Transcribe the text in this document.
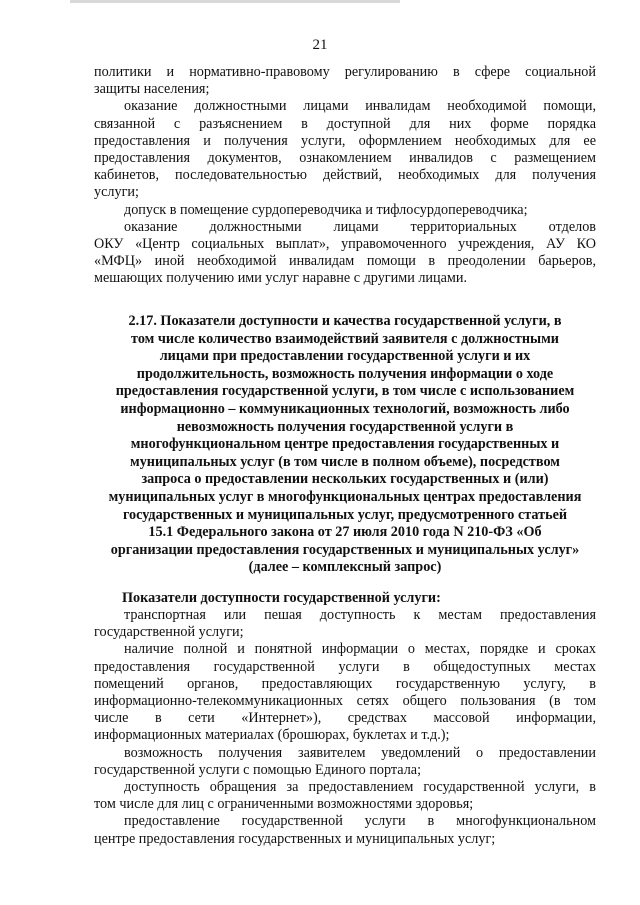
21
политики и нормативно-правовому регулированию в сфере социальной
защиты населения;
оказание должностными лицами инвалидам необходимой помощи,
связанной с разъяснением в доступной для них форме порядка
предоставления и получения услуги, оформлением необходимых для ее
предоставления документов, ознакомлением инвалидов с размещением
кабинетов, последовательностью действий, необходимых для получения
услуги;
допуск в помещение сурдопереводчика и тифлосурдопереводчика;
оказание должностными лицами территориальных отделов
ОКУ «Центр социальных выплат», управомоченного учреждения, АУ КО
«МФЦ» иной необходимой инвалидам помощи в преодолении барьеров,
мешающих получению ими услуг наравне с другими лицами.
2.17. Показатели доступности и качества государственной услуги, в
том числе количество взаимодействий заявителя с должностными
лицами при предоставлении государственной услуги и их
продолжительность, возможность получения информации о ходе
предоставления государственной услуги, в том числе с использованием
информационно – коммуникационных технологий, возможность либо
невозможность получения государственной услуги в
многофункциональном центре предоставления государственных и
муниципальных услуг (в том числе в полном объеме), посредством
запроса о предоставлении нескольких государственных и (или)
муниципальных услуг в многофункциональных центрах предоставления
государственных и муниципальных услуг, предусмотренного статьей
15.1 Федерального закона от 27 июля 2010 года N 210-ФЗ «Об
организации предоставления государственных и муниципальных услуг»
(далее – комплексный запрос)
Показатели доступности государственной услуги:
транспортная или пешая доступность к местам предоставления
государственной услуги;
наличие полной и понятной информации о местах, порядке и сроках
предоставления государственной услуги в общедоступных местах
помещений органов, предоставляющих государственную услугу, в
информационно-телекоммуникационных сетях общего пользования (в том
числе в сети «Интернет»), средствах массовой информации,
информационных материалах (брошюрах, буклетах и т.д.);
возможность получения заявителем уведомлений о предоставлении
государственной услуги с помощью Единого портала;
доступность обращения за предоставлением государственной услуги, в
том числе для лиц с ограниченными возможностями здоровья;
предоставление государственной услуги в многофункциональном
центре предоставления государственных и муниципальных услуг;
